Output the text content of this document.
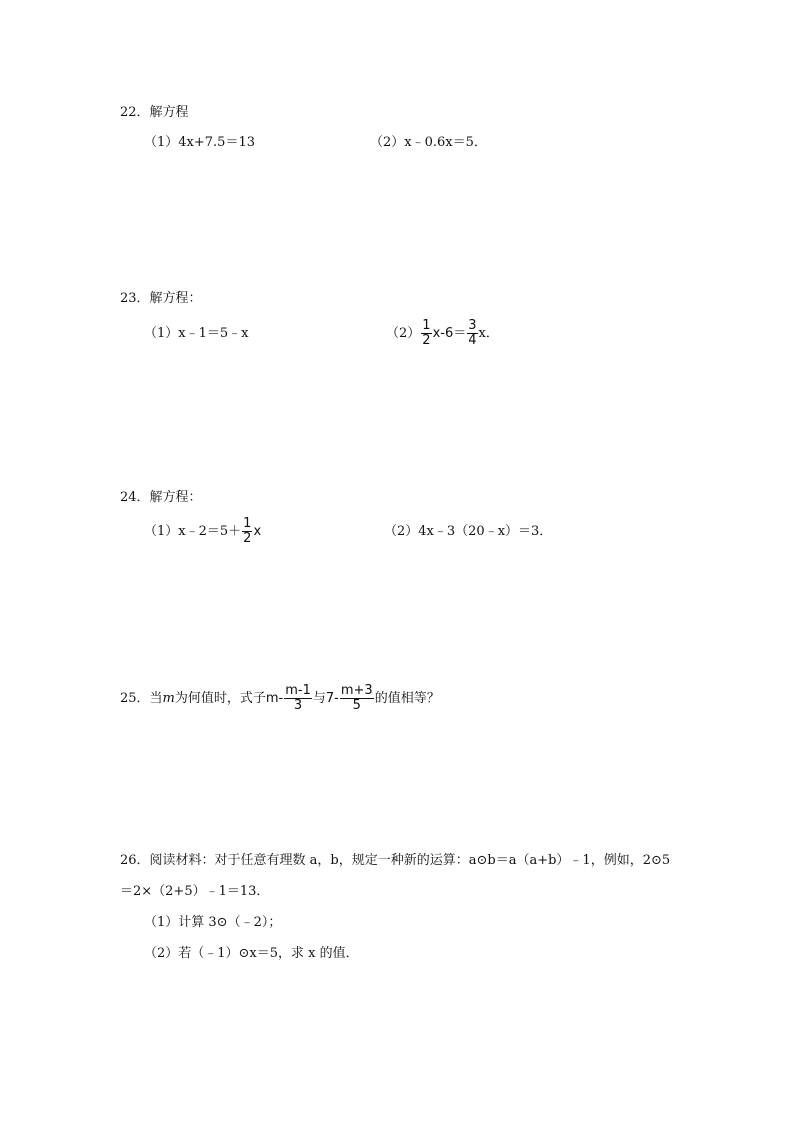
22．解方程
（1）4x+7.5＝13	（2）x﹣0.6x＝5．
23．解方程：
（1）x﹣1＝5﹣x	$(2) \frac{1}{2} x-6= \frac{3}{4}$ x．
24．解方程：
（1）x﹣2＝5＋ $\frac{1}{2}$ x	（2）4x﹣3（20﹣x）＝3．
25．当m为何值时，式子$m- \frac{m-1}{3}$ 与$7- \frac{m+3}{5}$ 的值相等？
26．阅读材料：对于任意有理数 a，b，规定一种新的运算：a⊙b＝a（a+b）﹣1，例如，2⊙5
＝2×（2+5）﹣1＝13．
（1）计算 3⊙（﹣2）；
（2）若（﹣1）⊙x＝5，求 x 的值．
